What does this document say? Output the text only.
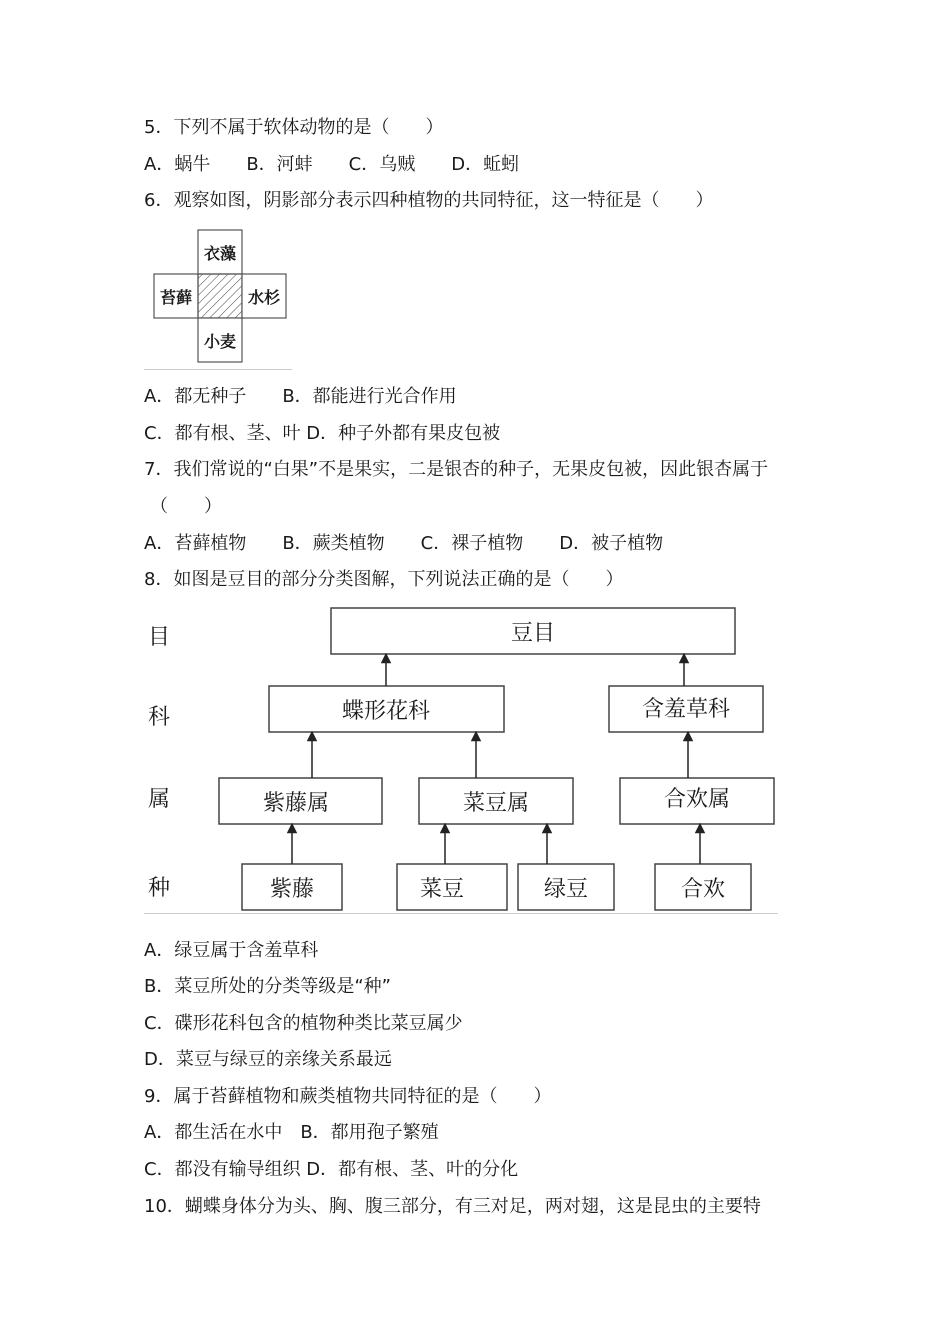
5．下列不属于软体动物的是（　　）
A．蜗牛　　B．河蚌　　C．乌贼　　D．蚯蚓
6．观察如图，阴影部分表示四种植物的共同特征，这一特征是（　　）
衣藻
苔藓	水杉
小麦
A．都无种子　　B．都能进行光合作用
C．都有根、茎、叶 D．种子外都有果皮包被
7．我们常说的“白果”不是果实，二是银杏的种子，无果皮包被，因此银杏属于
（　　）
A．苔藓植物　　B．蕨类植物　　C．裸子植物　　D．被子植物
8．如图是豆目的部分分类图解，下列说法正确的是（　　）
目
科
属
种
豆目
蝶形花科	含羞草科
紫藤属	菜豆属	合欢属
紫藤	菜豆	绿豆	合欢
A．绿豆属于含羞草科
B．菜豆所处的分类等级是“种”
C．碟形花科包含的植物种类比菜豆属少
D．菜豆与绿豆的亲缘关系最远
9．属于苔藓植物和蕨类植物共同特征的是（　　）
A．都生活在水中　B．都用孢子繁殖
C．都没有输导组织 D．都有根、茎、叶的分化
10．蝴蝶身体分为头、胸、腹三部分，有三对足，两对翅，这是昆虫的主要特
